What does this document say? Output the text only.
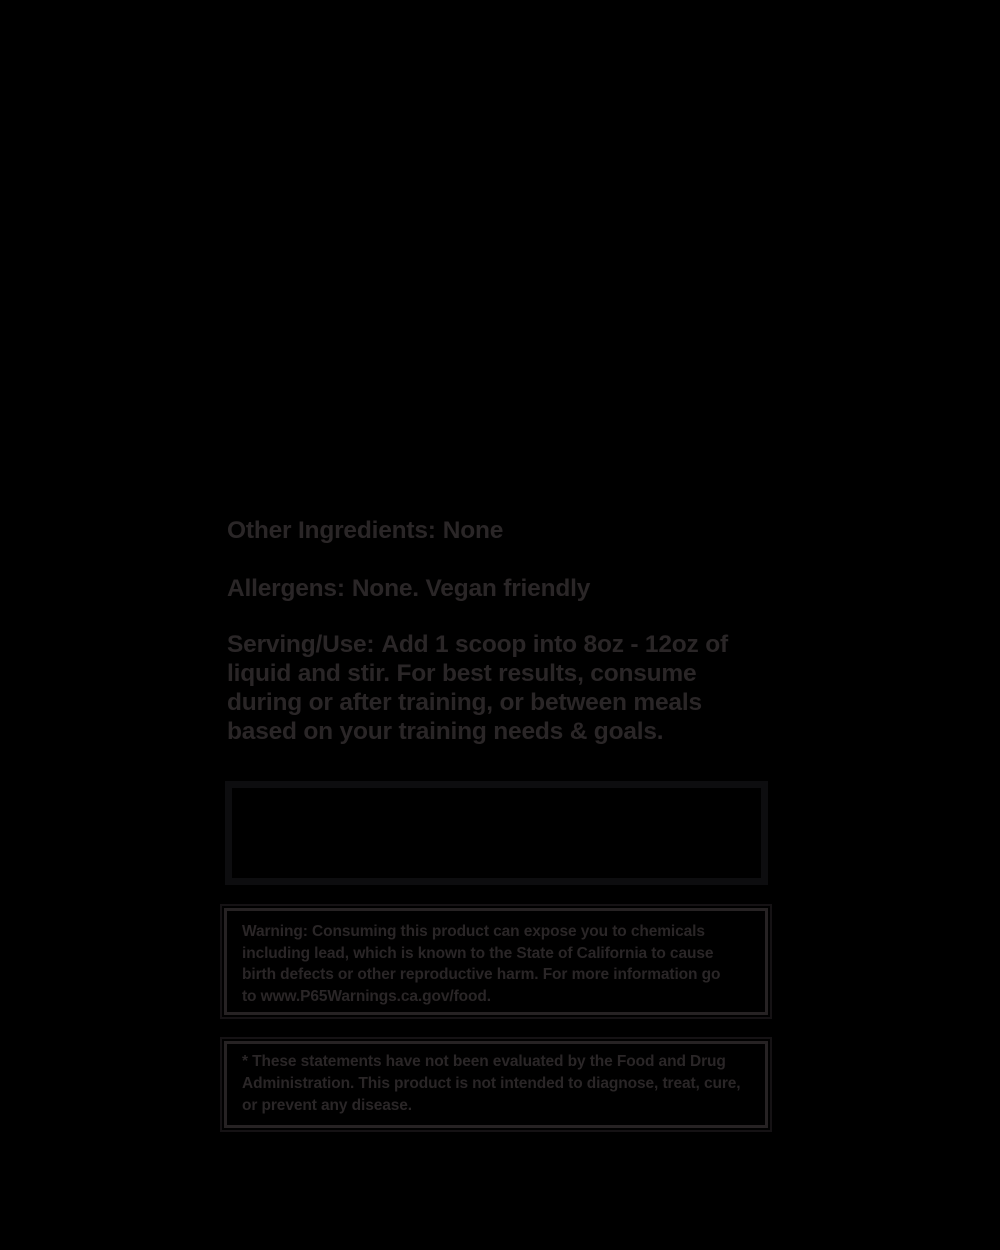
Other Ingredients: None
Allergens: None. Vegan friendly
Serving/Use: Add 1 scoop into 8oz - 12oz of
liquid and stir. For best results, consume
during or after training, or between meals
based on your training needs & goals.
Warning: Consuming this product can expose you to chemicals
including lead, which is known to the State of California to cause
birth defects or other reproductive harm. For more information go
to www.P65Warnings.ca.gov/food.
* These statements have not been evaluated by the Food and Drug
Administration. This product is not intended to diagnose, treat, cure,
or prevent any disease.
